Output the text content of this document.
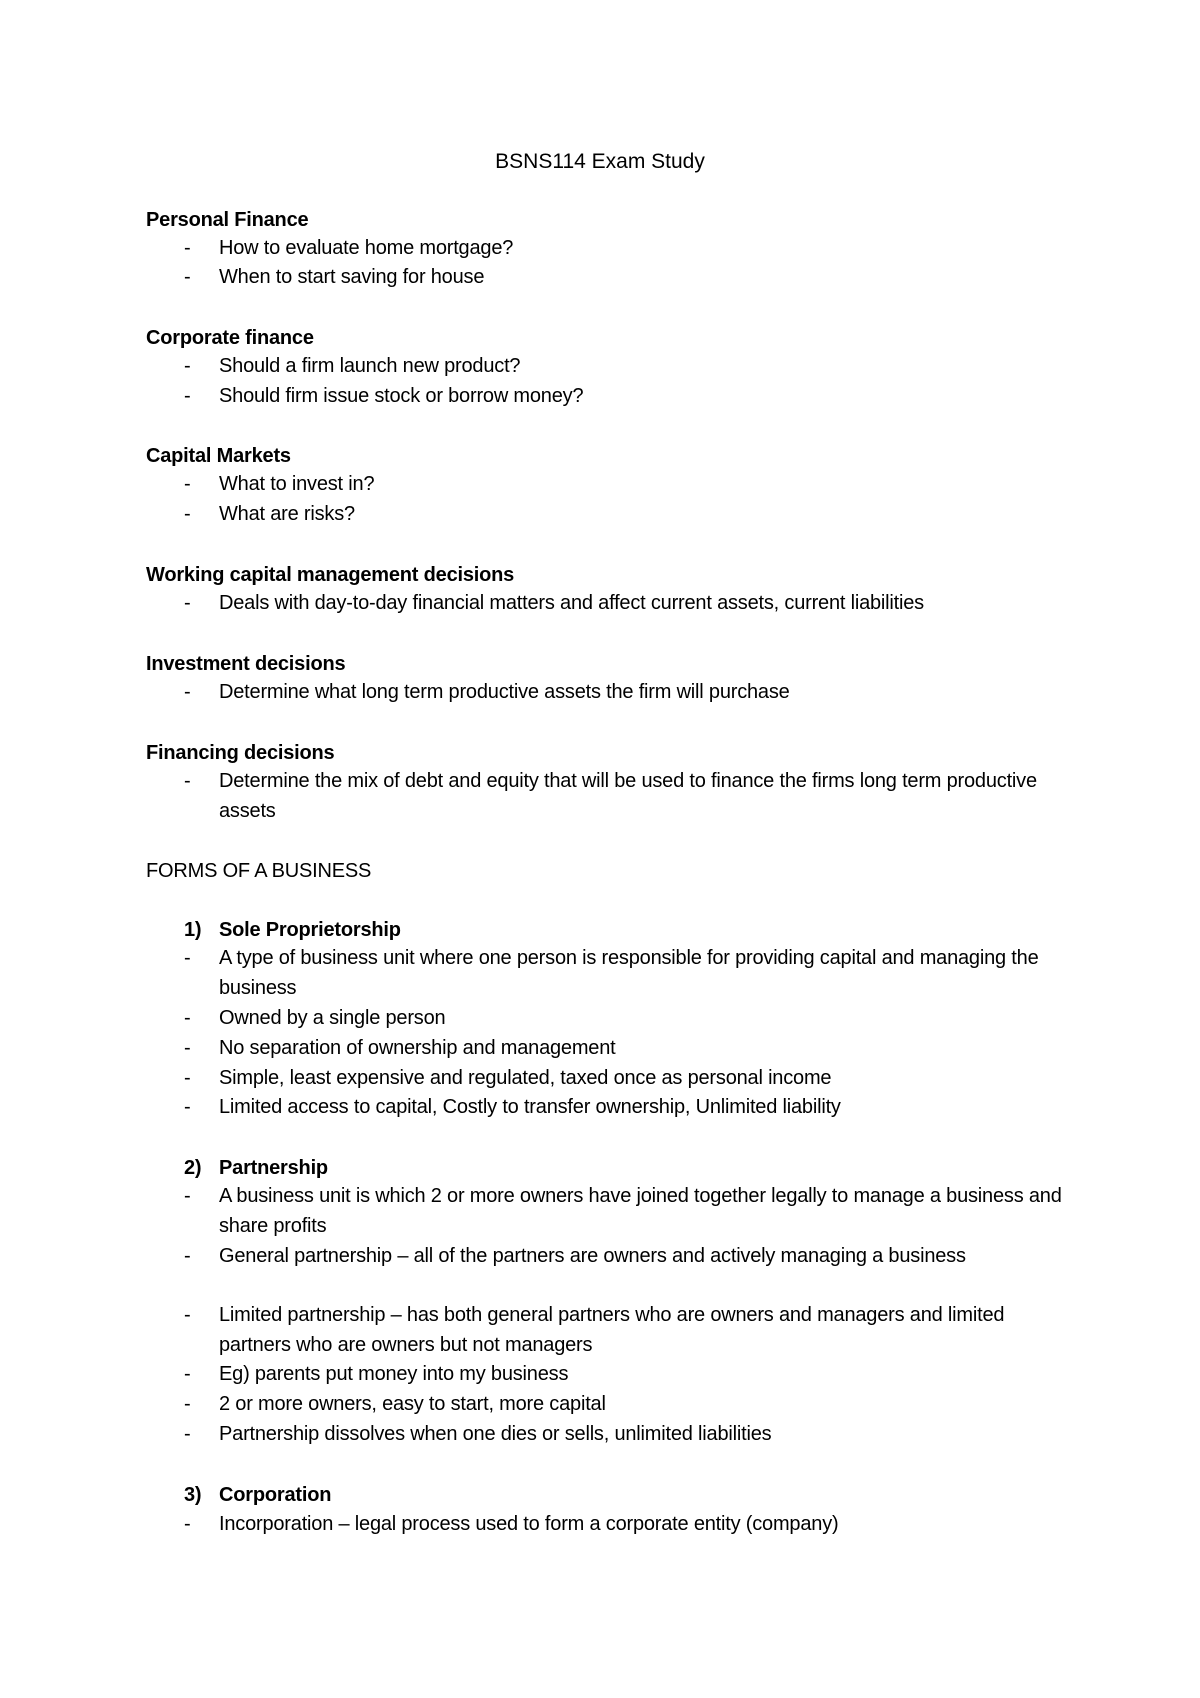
BSNS114 Exam Study
Personal Finance
-	How to evaluate home mortgage?
-	When to start saving for house
Corporate finance
-	Should a firm launch new product?
-	Should firm issue stock or borrow money?
Capital Markets
-	What to invest in?
-	What are risks?
Working capital management decisions
-	Deals with day-to-day financial matters and affect current assets, current liabilities
Investment decisions
-	Determine what long term productive assets the firm will purchase
Financing decisions
-	Determine the mix of debt and equity that will be used to finance the firms long term productive assets
FORMS OF A BUSINESS
1) Sole Proprietorship
-	A type of business unit where one person is responsible for providing capital and managing the business
-	Owned by a single person
-	No separation of ownership and management
-	Simple, least expensive and regulated, taxed once as personal income
-	Limited access to capital, Costly to transfer ownership, Unlimited liability
2) Partnership
-	A business unit is which 2 or more owners have joined together legally to manage a business and share profits
-	General partnership – all of the partners are owners and actively managing a business
-	Limited partnership – has both general partners who are owners and managers and limited partners who are owners but not managers
-	Eg) parents put money into my business
-	2 or more owners, easy to start, more capital
-	Partnership dissolves when one dies or sells, unlimited liabilities
3) Corporation
-	Incorporation – legal process used to form a corporate entity (company)
